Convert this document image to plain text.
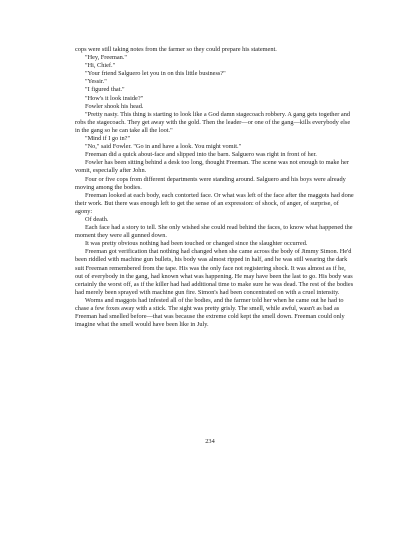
cops were still taking notes from the farmer so they could prepare his statement.

"Hey, Freeman."

"Hi, Chief."

"Your friend Salguero let you in on this little business?"

"Yessir."

"I figured that."

"How's it look inside?"

Fowler shook his head.

"Pretty nasty. This thing is starting to look like a God damn stagecoach robbery. A gang gets together and robs the stagecoach. They get away with the gold. Then the leader—or one of the gang—kills everybody else in the gang so he can take all the loot."

"Mind if I go in?"

"No," said Fowler. "Go in and have a look. You might vomit."

Freeman did a quick about-face and slipped into the barn. Salguero was right in front of her.

Fowler has been sitting behind a desk too long, thought Freeman. The scene was not enough to make her vomit, especially after John.

Four or five cops from different departments were standing around. Salguero and his boys were already moving among the bodies.

Freeman looked at each body, each contorted face. Or what was left of the face after the maggots had done their work. But there was enough left to get the sense of an expression: of shock, of anger, of surprise, of agony:

Of death.

Each face had a story to tell. She only wished she could read behind the faces, to know what happened the moment they were all gunned down.

It was pretty obvious nothing had been touched or changed since the slaughter occurred.

Freeman got verification that nothing had changed when she came across the body of Jimmy Simon. He'd been riddled with machine gun bullets, his body was almost ripped in half, and he was still wearing the dark suit Freeman remembered from the tape. His was the only face not registering shock. It was almost as if he, out of everybody in the gang, had known what was happening. He may have been the last to go. His body was certainly the worst off, as if the killer had had additional time to make sure he was dead. The rest of the bodies had merely been sprayed with machine gun fire. Simon's had been concentrated on with a cruel intensity.

Worms and maggots had infested all of the bodies, and the farmer told her when he came out he had to chase a few foxes away with a stick. The sight was pretty grisly. The smell, while awful, wasn't as bad as Freeman had smelled before—that was because the extreme cold kept the smell down. Freeman could only imagine what the smell would have been like in July.

234
